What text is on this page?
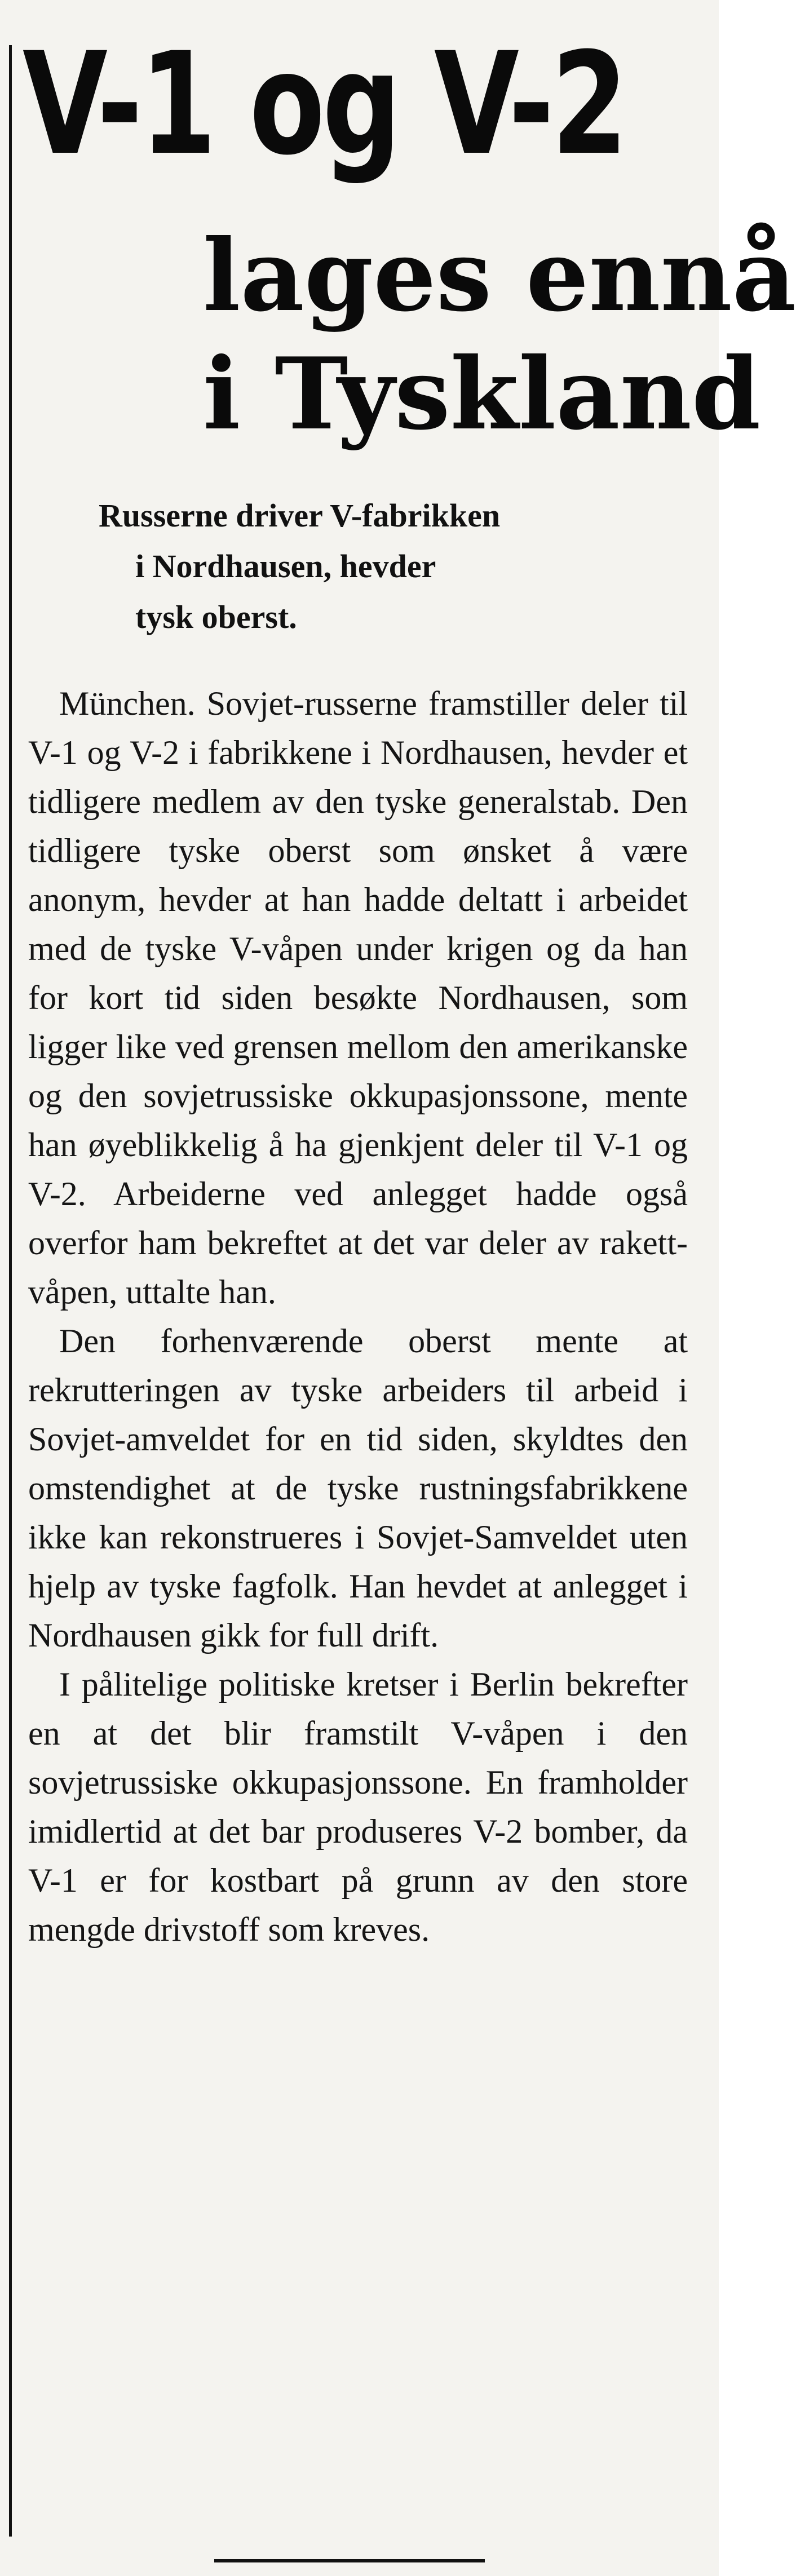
V-1 og V-2
lages ennå
i Tyskland
Russerne driver V-fabrikken
i Nordhausen, hevder
tysk oberst.

München. Sovjet-russerne framstiller deler til V-1 og V-2 i fabrikkene i Nordhausen, hevder et tidligere medlem av den tyske generalstab. Den tidligere tyske oberst som ønsket å være anonym, hevder at han hadde deltatt i arbeidet med de tyske V-våpen under krigen og da han for kort tid siden besøkte Nordhausen, som ligger like ved grensen mellom den amerikanske og den sovjetrussiske okkupasjonssone, mente han øyeblikkelig å ha gjenkjent deler til V-1 og V-2. Arbeiderne ved anlegget hadde også overfor ham bekreftet at det var deler av rakett-våpen, uttalte han.

Den forhenværende oberst mente at rekrutteringen av tyske arbeiders til arbeid i Sovjet-amveldet for en tid siden, skyldtes den omstendighet at de tyske rustningsfabrikkene ikke kan rekonstrueres i Sovjet-Samveldet uten hjelp av tyske fagfolk. Han hevdet at anlegget i Nordhausen gikk for full drift.

I pålitelige politiske kretser i Berlin bekrefter en at det blir framstilt V-våpen i den sovjetrussiske okkupasjonssone. En framholder imidlertid at det bar produseres V-2 bomber, da V-1 er for kostbart på grunn av den store mengde drivstoff som kreves.
